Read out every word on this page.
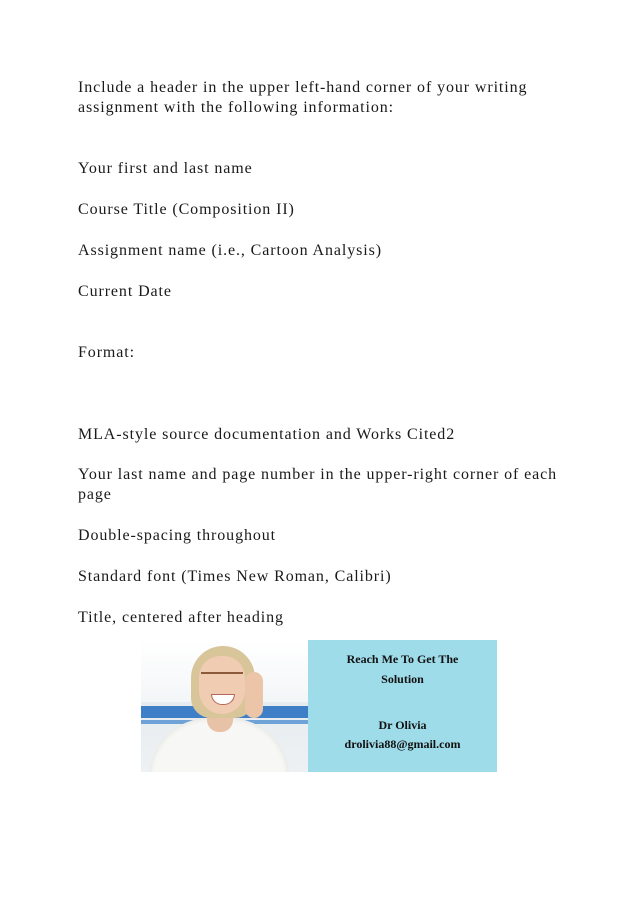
Include a header in the upper left-hand corner of your writing assignment with the following information:

Your first and last name

Course Title (Composition II)

Assignment name (i.e., Cartoon Analysis)

Current Date

Format:

MLA-style source documentation and Works Cited2

Your last name and page number in the upper-right corner of each page

Double-spacing throughout

Standard font (Times New Roman, Calibri)

Title, centered after heading

Reach Me To Get The

Solution

Dr Olivia

drolivia88@gmail.com
